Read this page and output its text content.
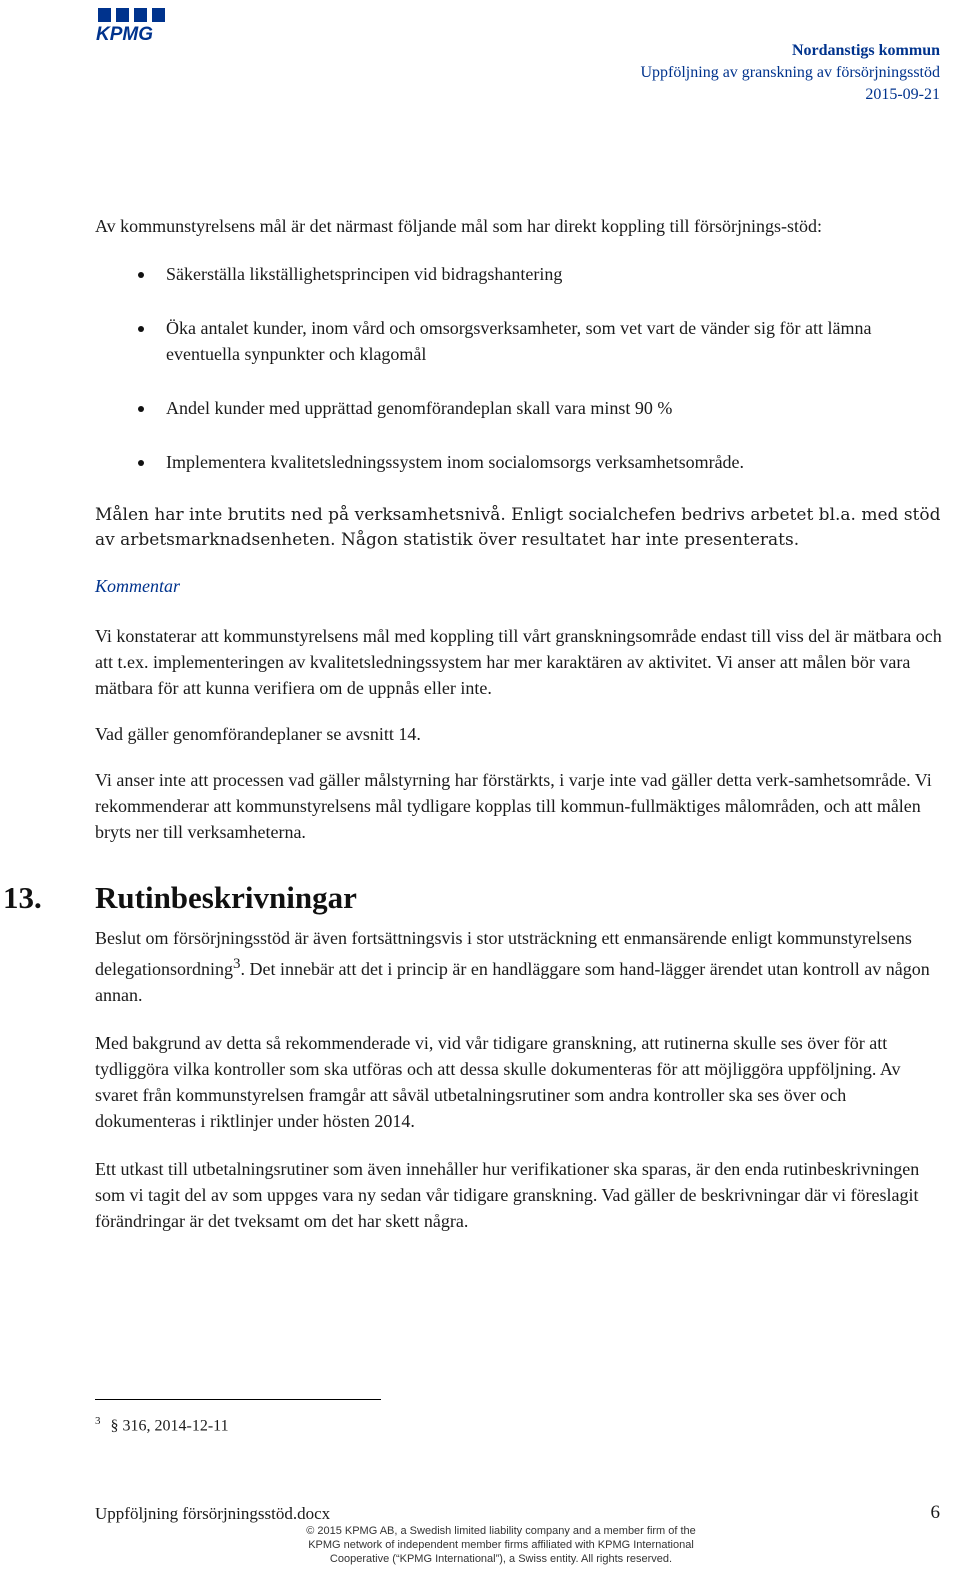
KPMG
Nordanstigs kommun
Uppföljning av granskning av försörjningsstöd
2015-09-21

Av kommunstyrelsens mål är det närmast följande mål som har direkt koppling till försörjnings-stöd:

Säkerställa likställighetsprincipen vid bidragshantering
Öka antalet kunder, inom vård och omsorgsverksamheter, som vet vart de vänder sig för att lämna eventuella synpunkter och klagomål
Andel kunder med upprättad genomförandeplan skall vara minst 90 %
Implementera kvalitetsledningssystem inom socialomsorgs verksamhetsområde.

Målen har inte brutits ned på verksamhetsnivå. Enligt socialchefen bedrivs arbetet bl.a. med stöd av arbetsmarknadsenheten. Någon statistik över resultatet har inte presenterats.

Kommentar

Vi konstaterar att kommunstyrelsens mål med koppling till vårt granskningsområde endast till viss del är mätbara och att t.ex. implementeringen av kvalitetsledningssystem har mer karaktären av aktivitet. Vi anser att målen bör vara mätbara för att kunna verifiera om de uppnås eller inte.

Vad gäller genomförandeplaner se avsnitt 14.

Vi anser inte att processen vad gäller målstyrning har förstärkts, i varje inte vad gäller detta verk-samhetsområde. Vi rekommenderar att kommunstyrelsens mål tydligare kopplas till kommun-fullmäktiges målområden, och att målen bryts ner till verksamheterna.

13.	Rutinbeskrivningar

Beslut om försörjningsstöd är även fortsättningsvis i stor utsträckning ett enmansärende enligt kommunstyrelsens delegationsordning$^3$. Det innebär att det i princip är en handläggare som hand-lägger ärendet utan kontroll av någon annan.

Med bakgrund av detta så rekommenderade vi, vid vår tidigare granskning, att rutinerna skulle ses över för att tydliggöra vilka kontroller som ska utföras och att dessa skulle dokumenteras för att möjliggöra uppföljning. Av svaret från kommunstyrelsen framgår att såväl utbetalningsrutiner som andra kontroller ska ses över och dokumenteras i riktlinjer under hösten 2014.

Ett utkast till utbetalningsrutiner som även innehåller hur verifikationer ska sparas, är den enda rutinbeskrivningen som vi tagit del av som uppges vara ny sedan vår tidigare granskning. Vad gäller de beskrivningar där vi föreslagit förändringar är det tveksamt om det har skett några.

$^3$ § 316, 2014-12-11
Uppföljning försörjningsstöd.docx	6
© 2015 KPMG AB, a Swedish limited liability company and a member firm of the KPMG network of independent member firms affiliated with KPMG International Cooperative (“KPMG International”), a Swiss entity. All rights reserved.
